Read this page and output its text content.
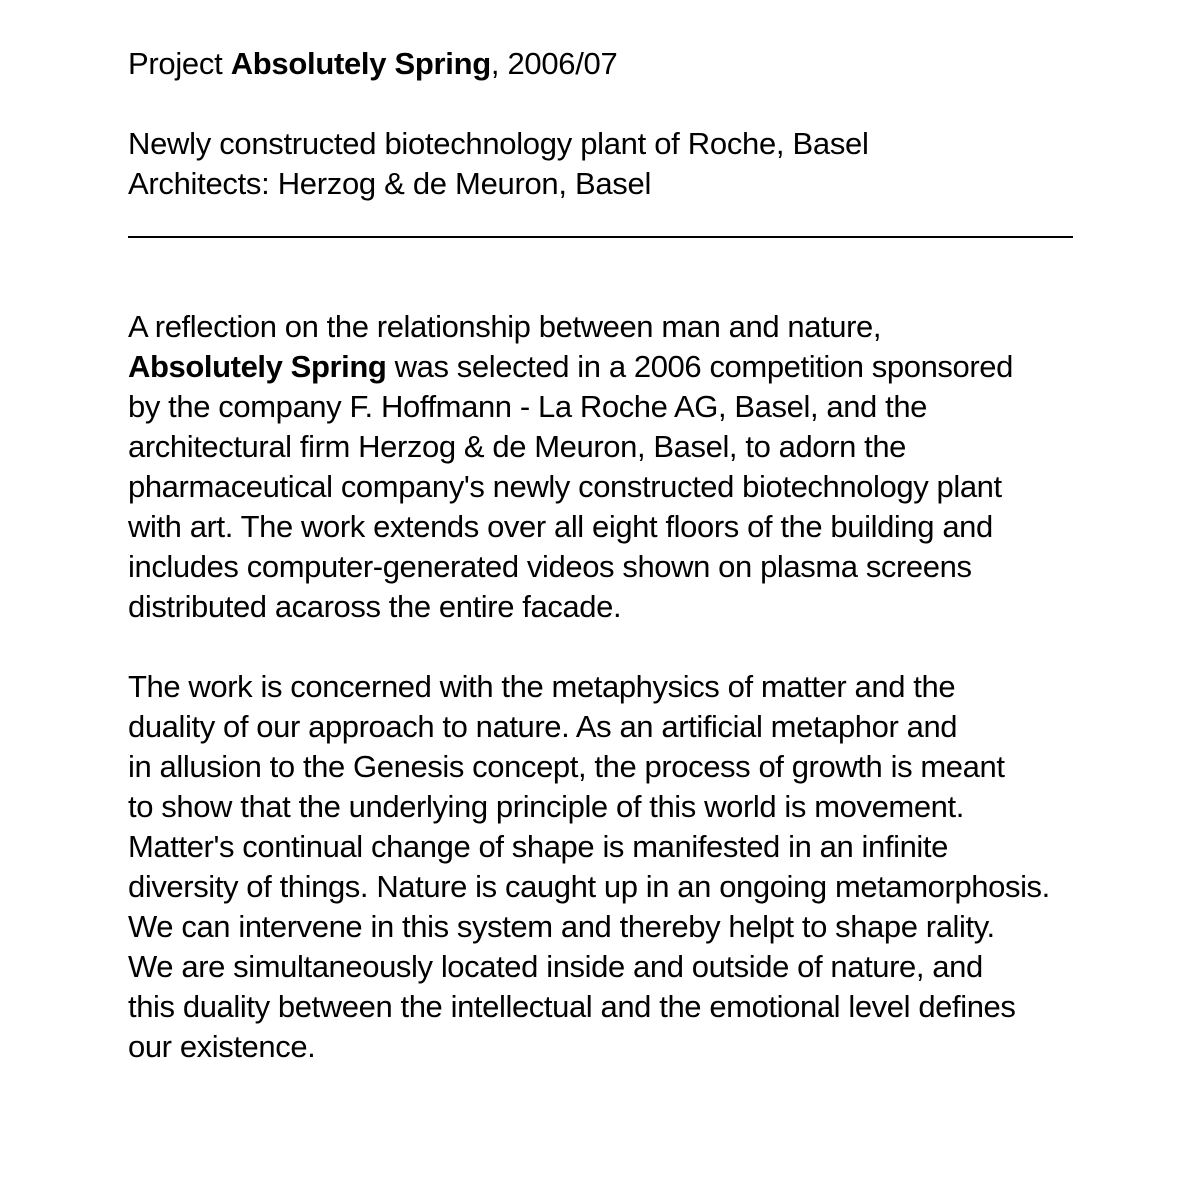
Project Absolutely Spring, 2006/07
Newly constructed biotechnology plant of Roche, Basel
Architects: Herzog & de Meuron, Basel
A reflection on the relationship between man and nature,
Absolutely Spring was selected in a 2006 competition sponsored
by the company F. Hoffmann - La Roche AG, Basel, and the
architectural firm Herzog & de Meuron, Basel, to adorn the
pharmaceutical company's newly constructed biotechnology plant
with art. The work extends over all eight floors of the building and
includes computer-generated videos shown on plasma screens
distributed acaross the entire facade.
The work is concerned with the metaphysics of matter and the
duality of our approach to nature. As an artificial metaphor and
in allusion to the Genesis concept, the process of growth is meant
to show that the underlying principle of this world is movement.
Matter's continual change of shape is manifested in an infinite
diversity of things. Nature is caught up in an ongoing metamorphosis.
We can intervene in this system and thereby helpt to shape rality.
We are simultaneously located inside and outside of nature, and
this duality between the intellectual and the emotional level defines
our existence.
